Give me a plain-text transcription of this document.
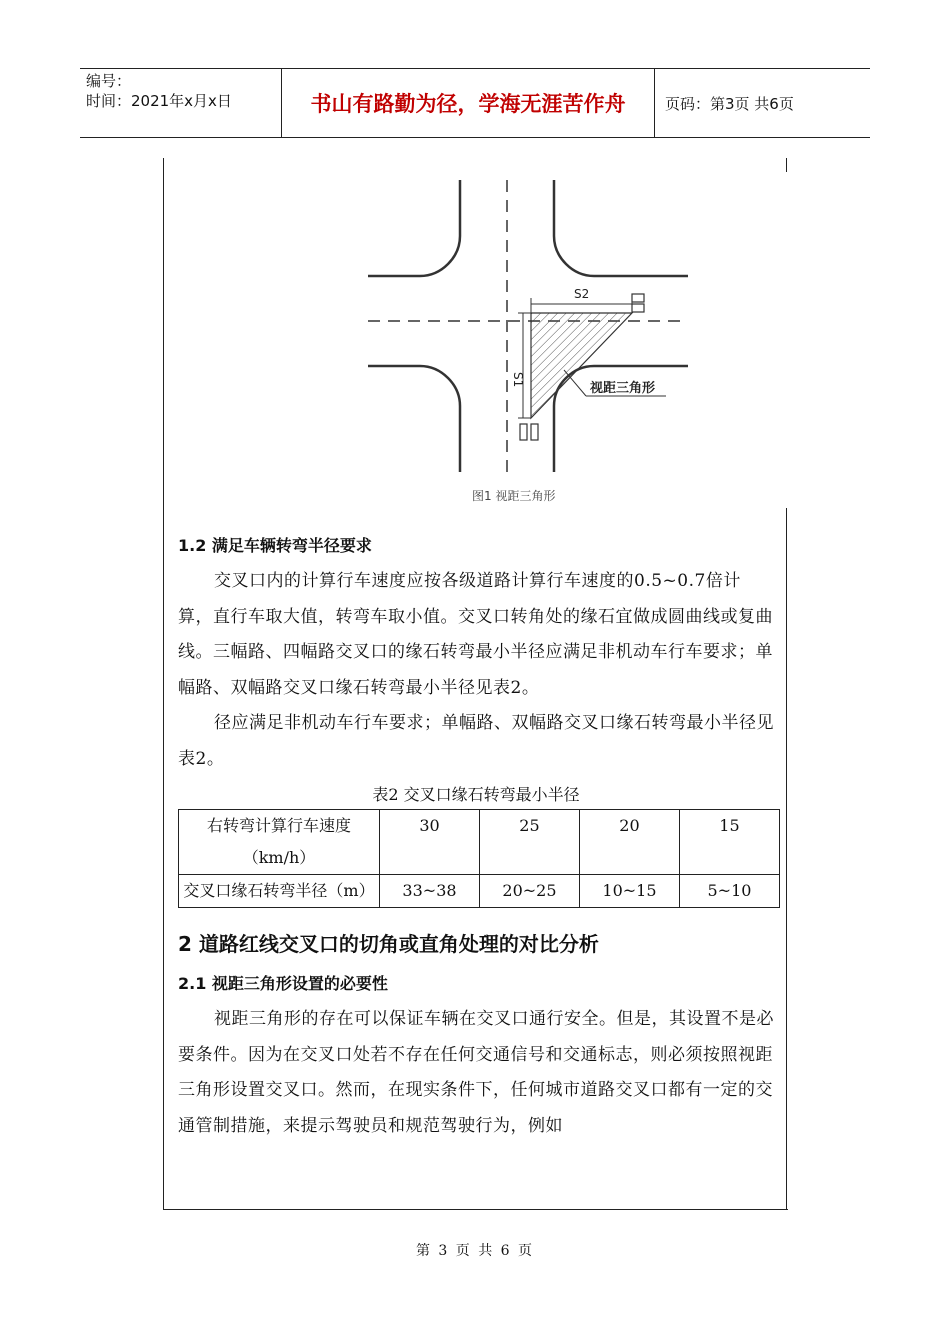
编号：
时间：2021年x月x日	书山有路勤为径，学海无涯苦作舟	页码：第3页 共6页
S2
S1
视距三角形
图1 视距三角形
1.2 满足车辆转弯半径要求

交叉口内的计算行车速度应按各级道路计算行车速度的0.5~0.7倍计算，直行车取大值，转弯车取小值。交叉口转角处的缘石宜做成圆曲线或复曲线。三幅路、四幅路交叉口的缘石转弯最小半径应满足非机动车行车要求；单幅路、双幅路交叉口缘石转弯最小半径见表2。

径应满足非机动车行车要求；单幅路、双幅路交叉口缘石转弯最小半径见表2。

表2 交叉口缘石转弯最小半径
右转弯计算行车速度（km/h）	30	25	20	15
交叉口缘石转弯半径（m）	33~38	20~25	10~15	5~10
2 道路红线交叉口的切角或直角处理的对比分析
2.1 视距三角形设置的必要性

视距三角形的存在可以保证车辆在交叉口通行安全。但是，其设置不是必要条件。因为在交叉口处若不存在任何交通信号和交通标志，则必须按照视距三角形设置交叉口。然而，在现实条件下，任何城市道路交叉口都有一定的交通管制措施，来提示驾驶员和规范驾驶行为，例如

第 3 页 共 6 页
